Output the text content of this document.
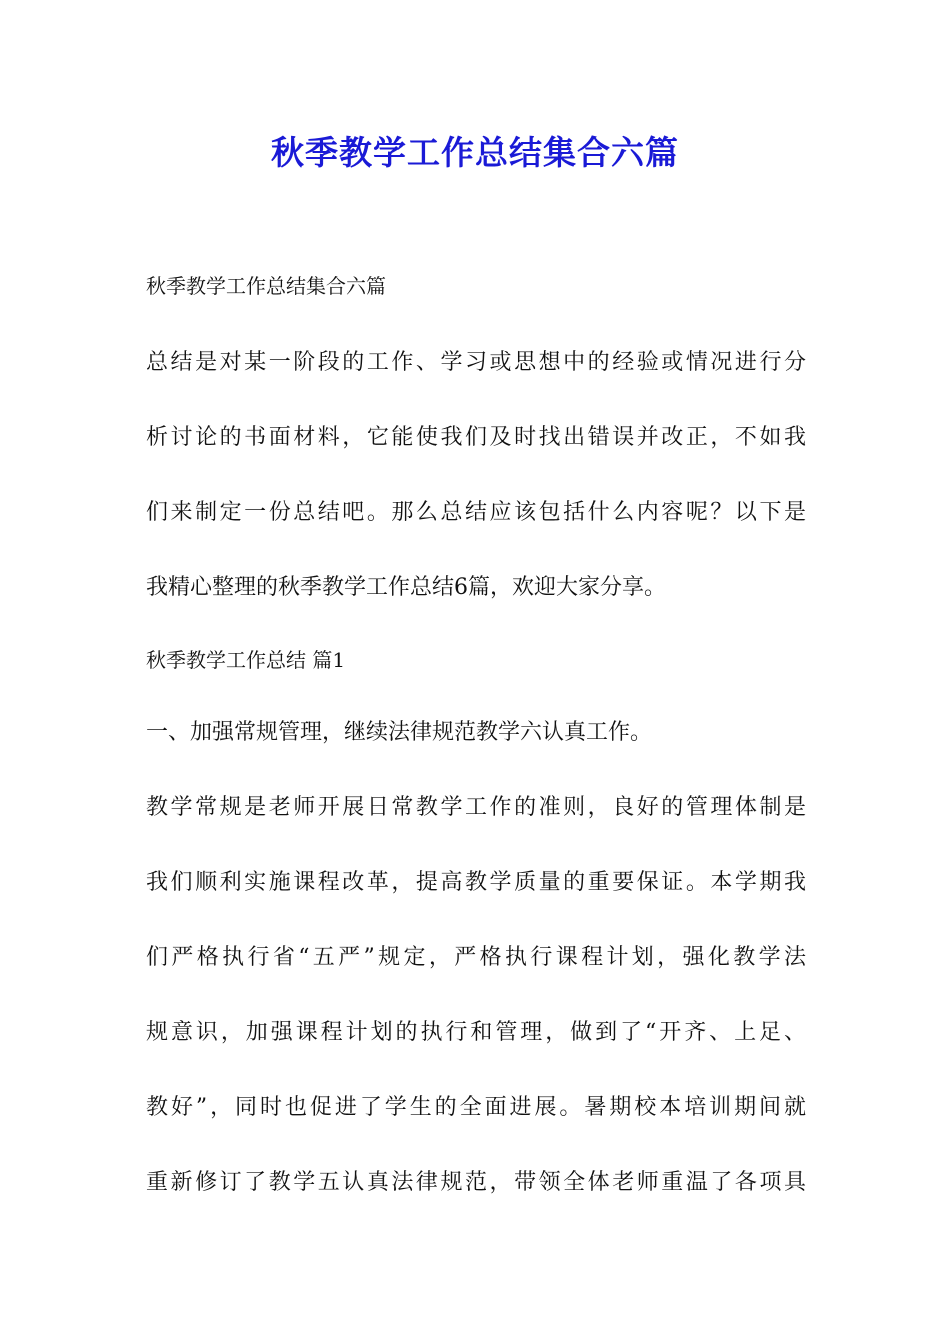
秋季教学工作总结集合六篇

秋季教学工作总结集合六篇

总结是对某一阶段的工作、学习或思想中的经验或情况进行分

析讨论的书面材料，它能使我们及时找出错误并改正，不如我

们来制定一份总结吧。那么总结应该包括什么内容呢？以下是

我精心整理的秋季教学工作总结6篇，欢迎大家分享。

秋季教学工作总结 篇1

一、加强常规管理，继续法律规范教学六认真工作。

教学常规是老师开展日常教学工作的准则，良好的管理体制是

我们顺利实施课程改革，提高教学质量的重要保证。本学期我

们严格执行省“五严”规定，严格执行课程计划，强化教学法

规意识，加强课程计划的执行和管理，做到了“开齐、上足、

教好”，同时也促进了学生的全面进展。暑期校本培训期间就

重新修订了教学五认真法律规范，带领全体老师重温了各项具
